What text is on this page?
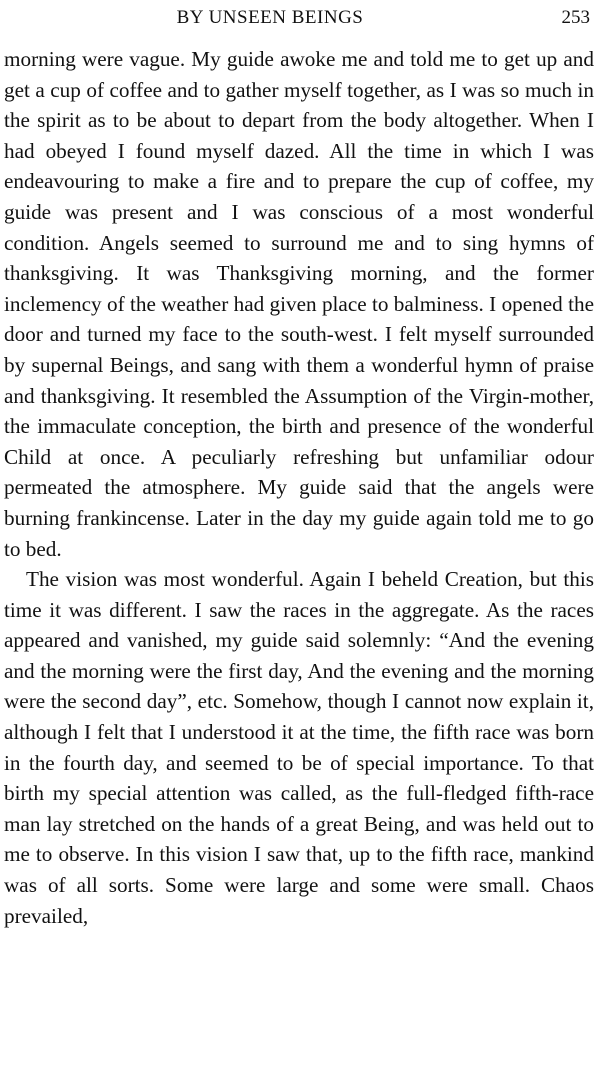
BY UNSEEN BEINGS	253

morning were vague. My guide awoke me and told me to get up and get a cup of coffee and to gather myself together, as I was so much in the spirit as to be about to depart from the body altogether. When I had obeyed I found myself dazed. All the time in which I was endeavouring to make a fire and to prepare the cup of coffee, my guide was present and I was conscious of a most wonderful condition. Angels seemed to surround me and to sing hymns of thanksgiving. It was Thanksgiving morning, and the former inclemency of the weather had given place to balminess. I opened the door and turned my face to the south-west. I felt myself surrounded by supernal Beings, and sang with them a wonderful hymn of praise and thanksgiving. It resembled the Assumption of the Virgin-mother, the immaculate conception, the birth and presence of the wonderful Child at once. A peculiarly refreshing but unfamiliar odour permeated the atmosphere. My guide said that the angels were burning frankincense. Later in the day my guide again told me to go to bed.

The vision was most wonderful. Again I beheld Creation, but this time it was different. I saw the races in the aggregate. As the races appeared and vanished, my guide said solemnly: “And the evening and the morning were the first day, And the evening and the morning were the second day”, etc. Somehow, though I cannot now explain it, although I felt that I understood it at the time, the fifth race was born in the fourth day, and seemed to be of special importance. To that birth my special attention was called, as the full-fledged fifth-race man lay stretched on the hands of a great Being, and was held out to me to observe. In this vision I saw that, up to the fifth race, mankind was of all sorts. Some were large and some were small. Chaos prevailed,
